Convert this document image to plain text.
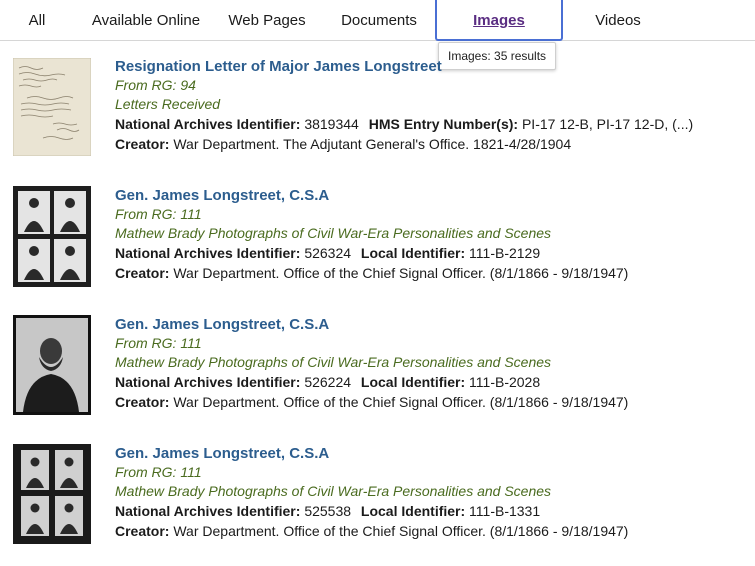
All	Available Online	Web Pages	Documents	Images	Videos
Images: 35 results
Resignation Letter of Major James Longstreet
From RG: 94
Letters Received
National Archives Identifier: 3819344 HMS Entry Number(s): PI-17 12-B, PI-17 12-D, (...)
Creator: War Department. The Adjutant General's Office. 1821-4/28/1904
Gen. James Longstreet, C.S.A
From RG: 111
Mathew Brady Photographs of Civil War-Era Personalities and Scenes
National Archives Identifier: 526324 Local Identifier: 111-B-2129
Creator: War Department. Office of the Chief Signal Officer. (8/1/1866 - 9/18/1947)
Gen. James Longstreet, C.S.A
From RG: 111
Mathew Brady Photographs of Civil War-Era Personalities and Scenes
National Archives Identifier: 526224 Local Identifier: 111-B-2028
Creator: War Department. Office of the Chief Signal Officer. (8/1/1866 - 9/18/1947)
Gen. James Longstreet, C.S.A
From RG: 111
Mathew Brady Photographs of Civil War-Era Personalities and Scenes
National Archives Identifier: 525538 Local Identifier: 111-B-1331
Creator: War Department. Office of the Chief Signal Officer. (8/1/1866 - 9/18/1947)
